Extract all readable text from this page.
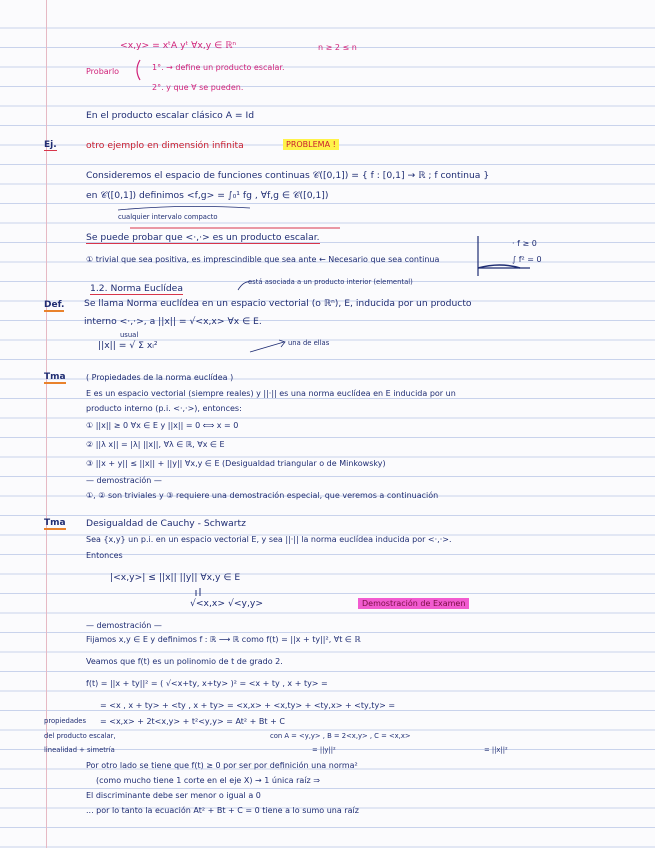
<x,y> = xᵗA yᵗ ∀x,y ∈ ℝⁿ	n ≥ 2 ≤ n
Probarlo	1°. → define un producto escalar.
2°. y que ∀ se pueden.
En el producto escalar clásico A = Id
Ej.	otro ejemplo en dimensión infinita	PROBLEMA !
Consideremos el espacio de funciones continuas 𝒞([0,1]) = { f : [0,1] → ℝ ; f continua }
en 𝒞([0,1]) definimos <f,g> = ∫₀¹ fg , ∀f,g ∈ 𝒞([0,1])
cualquier intervalo compacto
Se puede probar que <·,·> es un producto escalar.
① trivial que sea positiva, es imprescindible que sea ante ← Necesario que sea continua
· f ≥ 0
∫ f² = 0
está asociada a un producto interior (elemental)
1.2. Norma Euclídea
Def. Se llama Norma euclídea en un espacio vectorial (o ℝⁿ), E, inducida por un producto
interno <·,·>, a ||x|| = √<x,x> ∀x ∈ E.
usual
||x|| = √ Σ xᵢ²	una de ellas
Tma	( Propiedades de la norma euclídea )
E es un espacio vectorial (siempre reales) y ||·|| es una norma euclídea en E inducida por un
producto interno (p.i. <·,·>), entonces:
① ||x|| ≥ 0 ∀x ∈ E y ||x|| = 0 ⟺ x = 0
② ||λ x|| = |λ| ||x||, ∀λ ∈ ℝ, ∀x ∈ E
③ ||x + y|| ≤ ||x|| + ||y|| ∀x,y ∈ E (Desigualdad triangular o de Minkowsky)
— demostración —
①, ② son triviales y ③ requiere una demostración especial, que veremos a continuación
Tma Desigualdad de Cauchy - Schwartz
Sea {x,y} un p.i. en un espacio vectorial E, y sea ||·|| la norma euclídea inducida por <·,·>.
Entonces
|<x,y>| ≤ ||x|| ||y|| ∀x,y ∈ E
√<x,x> √<y,y>	Demostración de Examen
— demostración —
Fijamos x,y ∈ E y definimos f : ℝ ⟶ ℝ como f(t) = ||x + ty||², ∀t ∈ ℝ
Veamos que f(t) es un polinomio de t de grado 2.
f(t) = ||x + ty||² = ( √<x+ty, x+ty> )² = <x + ty , x + ty> =
= <x , x + ty> + <ty , x + ty> = <x,x> + <x,ty> + <ty,x> + <ty,ty> =
propiedades = <x,x> + 2t<x,y> + t²<y,y> = At² + Bt + C
del producto escalar,	con A = <y,y> , B = 2<x,y> , C = <x,x>
linealidad + simetría	= ||y||²	= ||x||²
Por otro lado se tiene que f(t) ≥ 0 por ser por definición una norma²
(como mucho tiene 1 corte en el eje X) → 1 única raíz ⇒
El discriminante debe ser menor o igual a 0
... por lo tanto la ecuación At² + Bt + C = 0 tiene a lo sumo una raíz
